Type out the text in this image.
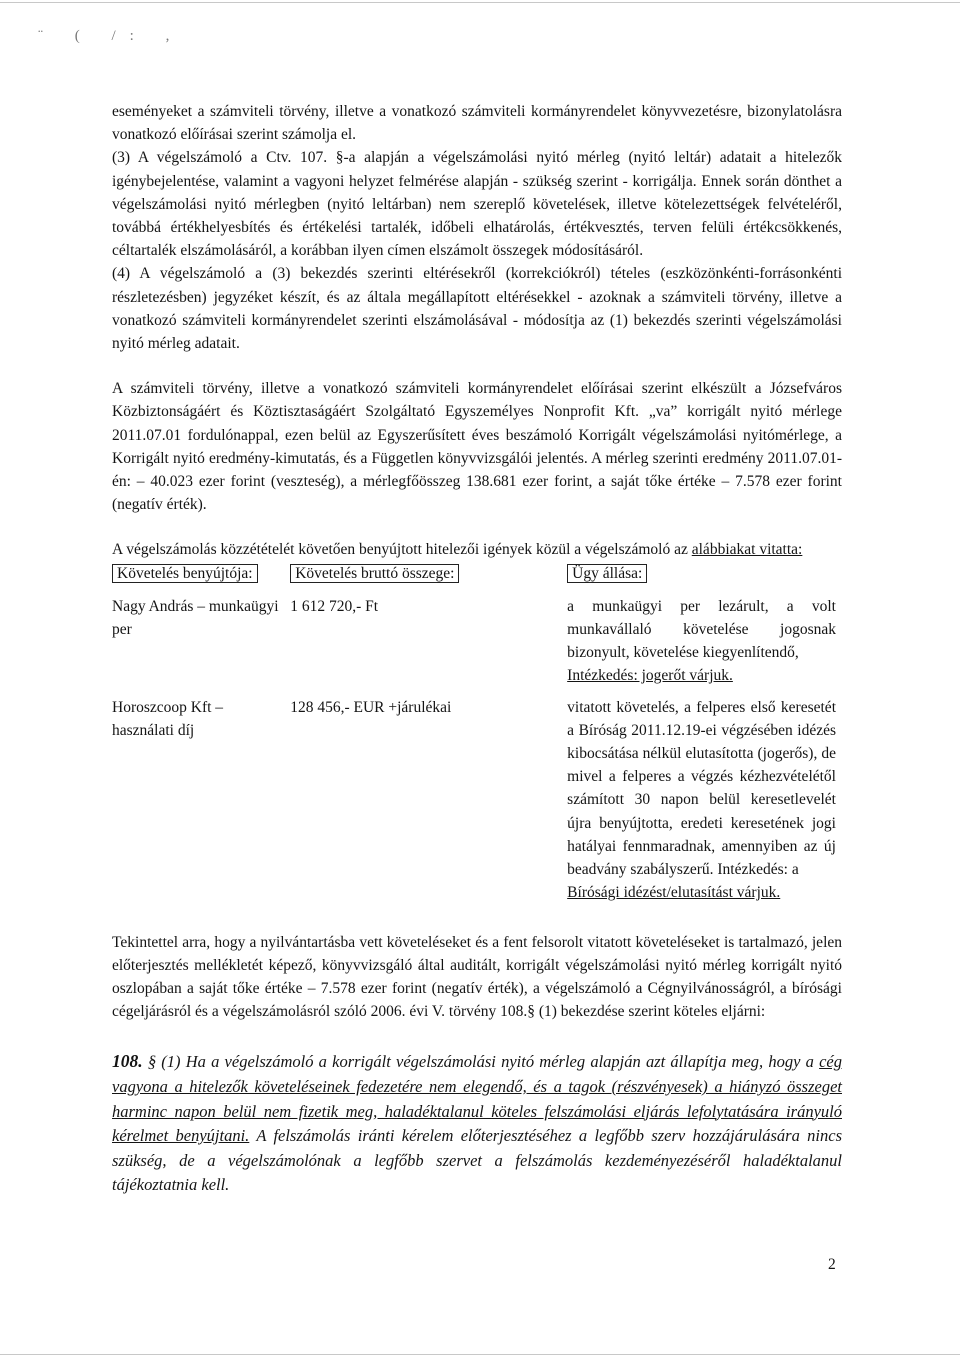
¨ ( /: ,

eseményeket a számviteli törvény, illetve a vonatkozó számviteli kormányrendelet könyvvezetésre, bizonylatolásra vonatkozó előírásai szerint számolja el.

(3) A végelszámoló a Ctv. 107. §-a alapján a végelszámolási nyitó mérleg (nyitó leltár) adatait a hitelezők igénybejelentése, valamint a vagyoni helyzet felmérése alapján - szükség szerint - korrigálja. Ennek során dönthet a végelszámolási nyitó mérlegben (nyitó leltárban) nem szereplő követelések, illetve kötelezettségek felvételéről, továbbá értékhelyesbítés és értékelési tartalék, időbeli elhatárolás, értékvesztés, terven felüli értékcsökkenés, céltartalék elszámolásáról, a korábban ilyen címen elszámolt összegek módosításáról.

(4) A végelszámoló a (3) bekezdés szerinti eltérésekről (korrekciókról) tételes (eszközönkénti-forrásonkénti részletezésben) jegyzéket készít, és az általa megállapított eltérésekkel - azoknak a számviteli törvény, illetve a vonatkozó számviteli kormányrendelet szerinti elszámolásával - módosítja az (1) bekezdés szerinti végelszámolási nyitó mérleg adatait.

A számviteli törvény, illetve a vonatkozó számviteli kormányrendelet előírásai szerint elkészült a Józsefváros Közbiztonságáért és Köztisztaságáért Szolgáltató Egyszemélyes Nonprofit Kft. „va” korrigált nyitó mérlege 2011.07.01 fordulónappal, ezen belül az Egyszerűsített éves beszámoló Korrigált végelszámolási nyitómérlege, a Korrigált nyitó eredmény-kimutatás, és a Független könyvvizsgálói jelentés. A mérleg szerinti eredmény 2011.07.01-én: – 40.023 ezer forint (veszteség), a mérlegfőösszeg 138.681 ezer forint, a saját tőke értéke – 7.578 ezer forint (negatív érték).

A végelszámolás közzétételét követően benyújtott hitelezői igények közül a végelszámoló az alábbiakat vitatta:

Követelés benyújtója:	Követelés bruttó összege:	Ügy állása:

Nagy András – munkaügyi per	1 612 720,- Ft	a munkaügyi per lezárult, a volt munkavállaló követelése jogosnak bizonyult, követelése kiegyenlítendő,
Intézkedés: jogerőt várjuk.

Horoszcoop Kft – használati díj	128 456,- EUR +járulékai	vitatott követelés, a felperes első keresetét a Bíróság 2011.12.19-ei végzésében idézés kibocsátása nélkül elutasította (jogerős), de mivel a felperes a végzés kézhezvételétől számított 30 napon belül keresetlevelét újra benyújtotta, eredeti keresetének jogi hatályai fennmaradnak, amennyiben az új beadvány szabályszerű. Intézkedés: a
Bírósági idézést/elutasítást várjuk.

Tekintettel arra, hogy a nyilvántartásba vett követeléseket és a fent felsorolt vitatott követeléseket is tartalmazó, jelen előterjesztés mellékletét képező, könyvvizsgáló által auditált, korrigált végelszámolási nyitó mérleg korrigált nyitó oszlopában a saját tőke értéke – 7.578 ezer forint (negatív érték), a végelszámoló a Cégnyilvánosságról, a bírósági cégeljárásról és a végelszámolásról szóló 2006. évi V. törvény 108.§ (1) bekezdése szerint köteles eljárni:

108. § (1) Ha a végelszámoló a korrigált végelszámolási nyitó mérleg alapján azt állapítja meg, hogy a cég vagyona a hitelezők követeléseinek fedezetére nem elegendő, és a tagok (részvényesek) a hiányzó összeget harminc napon belül nem fizetik meg, haladéktalanul köteles felszámolási eljárás lefolytatására irányuló kérelmet benyújtani. A felszámolás iránti kérelem előterjesztéséhez a legfőbb szerv hozzájárulására nincs szükség, de a végelszámolónak a legfőbb szervet a felszámolás kezdeményezéséről haladéktalanul tájékoztatnia kell.

2
